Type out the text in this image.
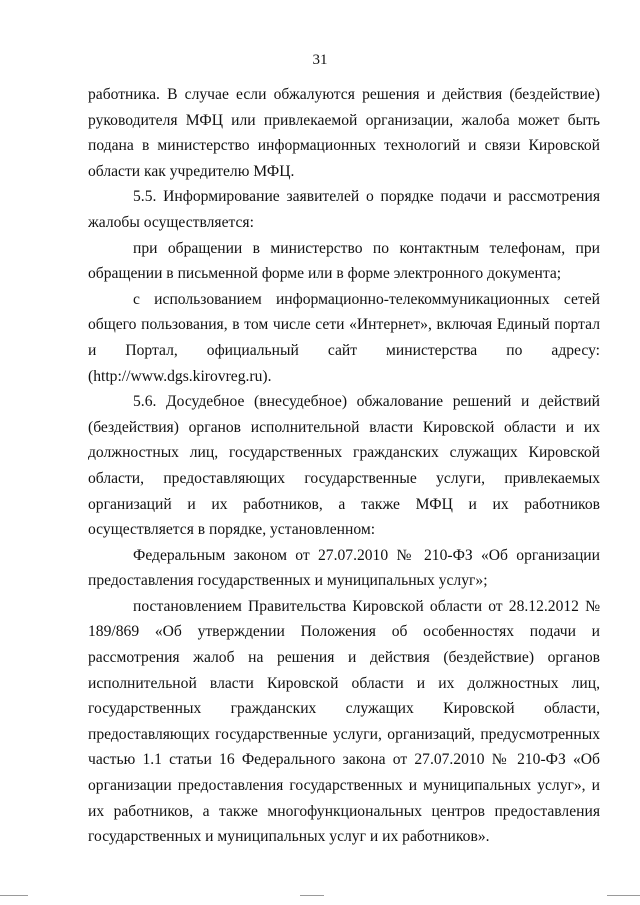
31

работника. В случае если обжалуются решения и действия (бездействие) руководителя МФЦ или привлекаемой организации, жалоба может быть подана в министерство информационных технологий и связи Кировской области как учредителю МФЦ.

5.5. Информирование заявителей о порядке подачи и рассмотрения жалобы осуществляется:

при обращении в министерство по контактным телефонам, при обращении в письменной форме или в форме электронного документа;

с использованием информационно-телекоммуникационных сетей общего пользования, в том числе сети «Интернет», включая Единый портал и Портал, официальный сайт министерства по адресу: (http://www.dgs.kirovreg.ru).

5.6. Досудебное (внесудебное) обжалование решений и действий (бездействия) органов исполнительной власти Кировской области и их должностных лиц, государственных гражданских служащих Кировской области, предоставляющих государственные услуги, привлекаемых организаций и их работников, а также МФЦ и их работников осуществляется в порядке, установленном:

Федеральным законом от 27.07.2010 № 210-ФЗ «Об организации предоставления государственных и муниципальных услуг»;

постановлением Правительства Кировской области от 28.12.2012 № 189/869 «Об утверждении Положения об особенностях подачи и рассмотрения жалоб на решения и действия (бездействие) органов исполнительной власти Кировской области и их должностных лиц, государственных гражданских служащих Кировской области, предоставляющих государственные услуги, организаций, предусмотренных частью 1.1 статьи 16 Федерального закона от 27.07.2010 № 210-ФЗ «Об организации предоставления государственных и муниципальных услуг», и их работников, а также многофункциональных центров предоставления государственных и муниципальных услуг и их работников».
